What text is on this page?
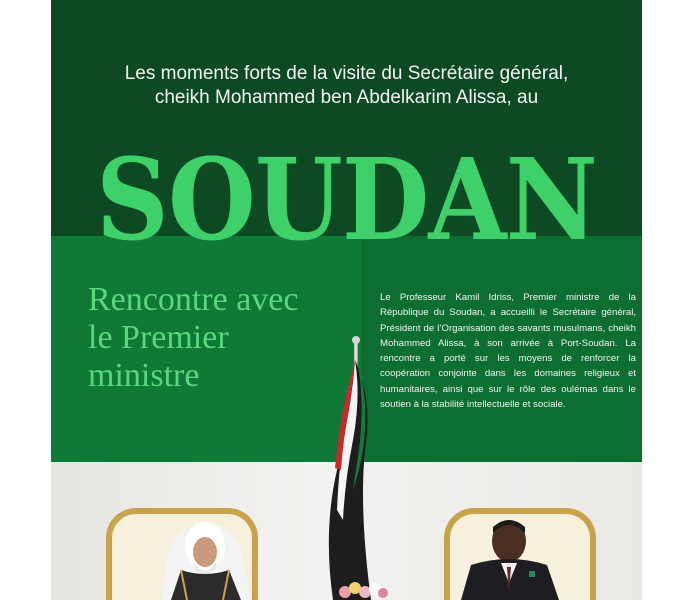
Les moments forts de la visite du Secrétaire général,
cheikh Mohammed ben Abdelkarim Alissa, au
SOUDAN
Rencontre avec
le Premier
ministre
Le Professeur Kamil Idriss, Premier ministre de la République du Soudan, a accueilli le Secrétaire général, Président de l’Organisation des savants musulmans, cheikh Mohammed Alissa, à son arrivée à Port-Soudan. La rencontre a porté sur les moyens de renforcer la coopération conjointe dans les domaines religieux et humanitaires, ainsi que sur le rôle des oulémas dans le soutien à la stabilité intellectuelle et sociale.
